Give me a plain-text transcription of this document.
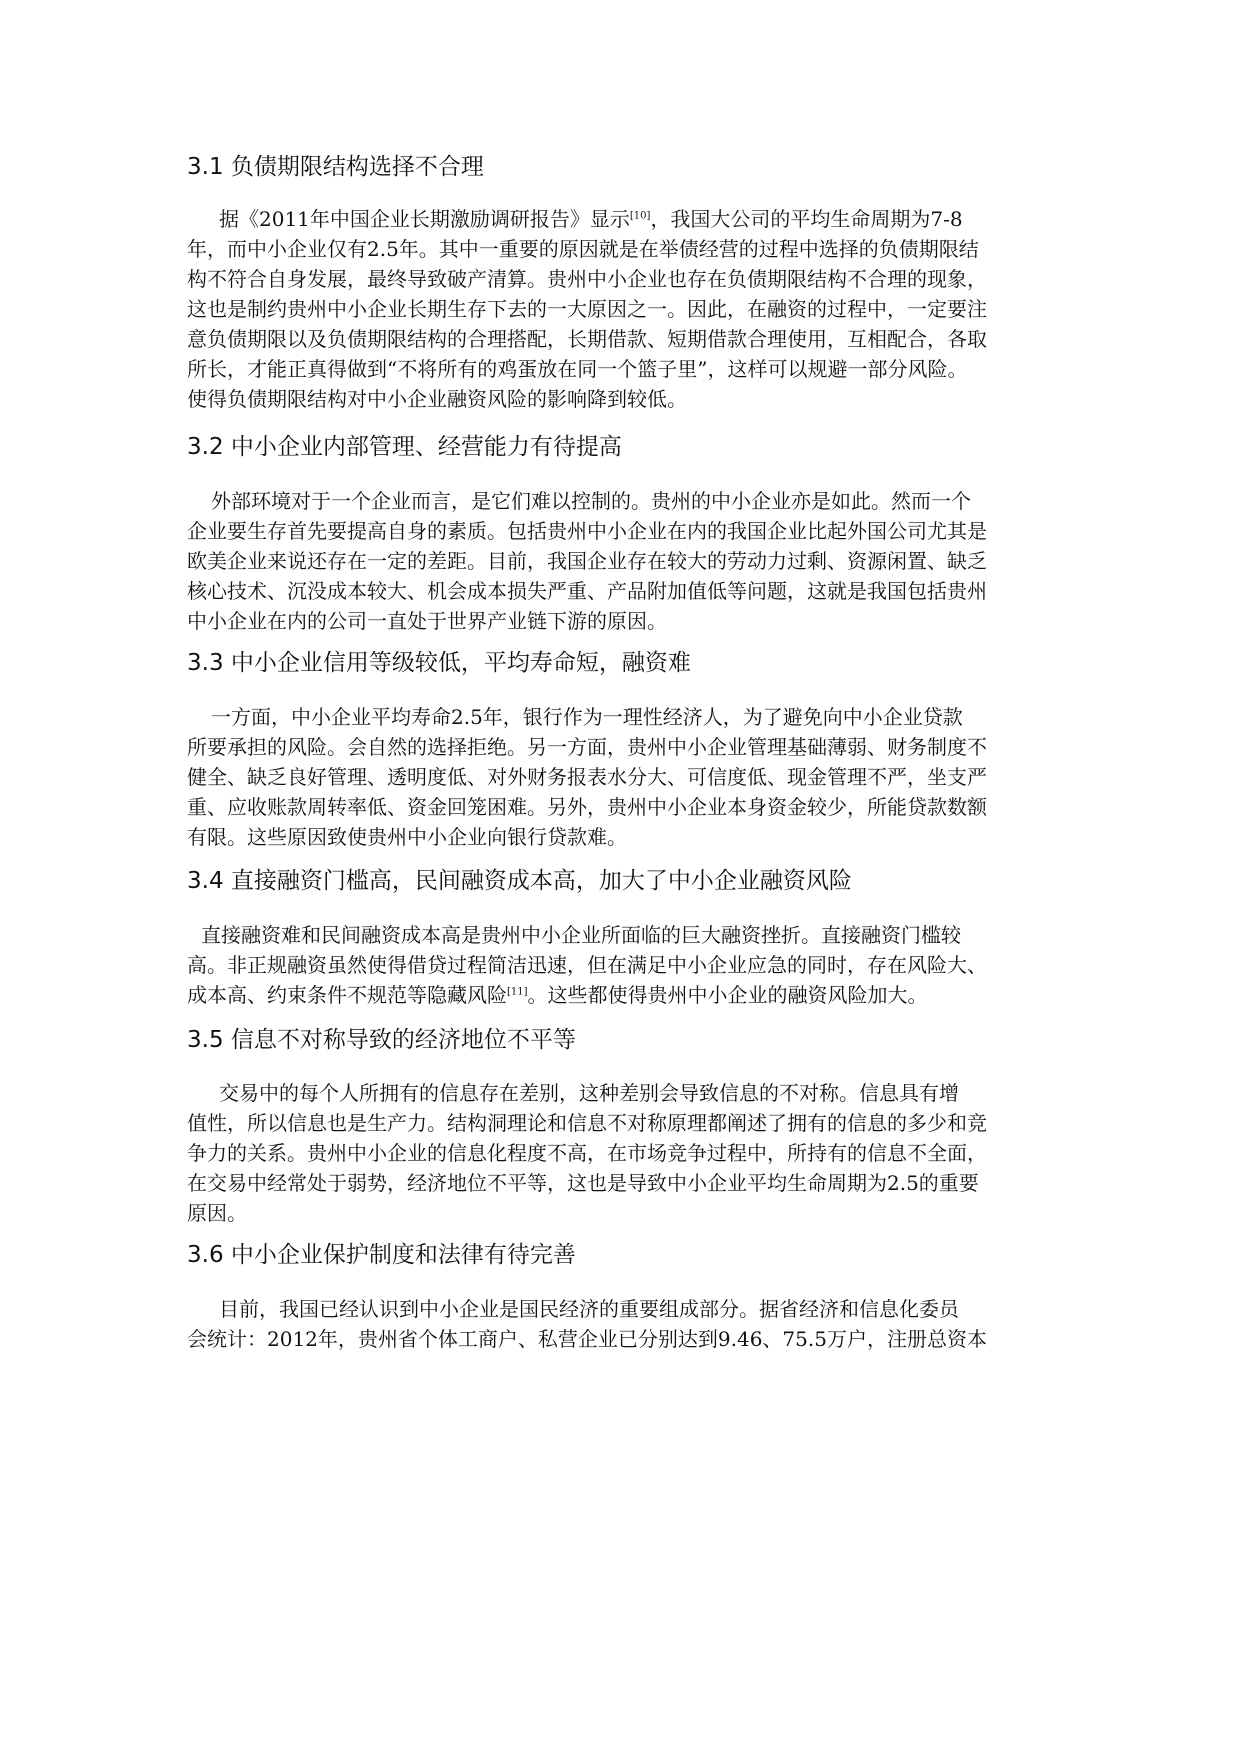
3.1 负债期限结构选择不合理
据《2011年中国企业长期激励调研报告》显示[10]，我国大公司的平均生命周期为7-8
年，而中小企业仅有2.5年。其中一重要的原因就是在举债经营的过程中选择的负债期限结
构不符合自身发展，最终导致破产清算。贵州中小企业也存在负债期限结构不合理的现象，
这也是制约贵州中小企业长期生存下去的一大原因之一。因此，在融资的过程中，一定要注
意负债期限以及负债期限结构的合理搭配，长期借款、短期借款合理使用，互相配合，各取
所长，才能正真得做到“不将所有的鸡蛋放在同一个篮子里”，这样可以规避一部分风险。
使得负债期限结构对中小企业融资风险的影响降到较低。
3.2 中小企业内部管理、经营能力有待提高
外部环境对于一个企业而言，是它们难以控制的。贵州的中小企业亦是如此。然而一个
企业要生存首先要提高自身的素质。包括贵州中小企业在内的我国企业比起外国公司尤其是
欧美企业来说还存在一定的差距。目前，我国企业存在较大的劳动力过剩、资源闲置、缺乏
核心技术、沉没成本较大、机会成本损失严重、产品附加值低等问题，这就是我国包括贵州
中小企业在内的公司一直处于世界产业链下游的原因。
3.3 中小企业信用等级较低，平均寿命短，融资难
一方面，中小企业平均寿命2.5年，银行作为一理性经济人，为了避免向中小企业贷款
所要承担的风险。会自然的选择拒绝。另一方面，贵州中小企业管理基础薄弱、财务制度不
健全、缺乏良好管理、透明度低、对外财务报表水分大、可信度低、现金管理不严，坐支严
重、应收账款周转率低、资金回笼困难。另外，贵州中小企业本身资金较少，所能贷款数额
有限。这些原因致使贵州中小企业向银行贷款难。
3.4 直接融资门槛高，民间融资成本高，加大了中小企业融资风险
直接融资难和民间融资成本高是贵州中小企业所面临的巨大融资挫折。直接融资门槛较
高。非正规融资虽然使得借贷过程简洁迅速，但在满足中小企业应急的同时，存在风险大、
成本高、约束条件不规范等隐藏风险[11]。这些都使得贵州中小企业的融资风险加大。
3.5 信息不对称导致的经济地位不平等
交易中的每个人所拥有的信息存在差别，这种差别会导致信息的不对称。信息具有增
值性，所以信息也是生产力。结构洞理论和信息不对称原理都阐述了拥有的信息的多少和竞
争力的关系。贵州中小企业的信息化程度不高，在市场竞争过程中，所持有的信息不全面，
在交易中经常处于弱势，经济地位不平等，这也是导致中小企业平均生命周期为2.5的重要
原因。
3.6 中小企业保护制度和法律有待完善
目前，我国已经认识到中小企业是国民经济的重要组成部分。据省经济和信息化委员
会统计：2012年，贵州省个体工商户、私营企业已分别达到9.46、75.5万户，注册总资本
